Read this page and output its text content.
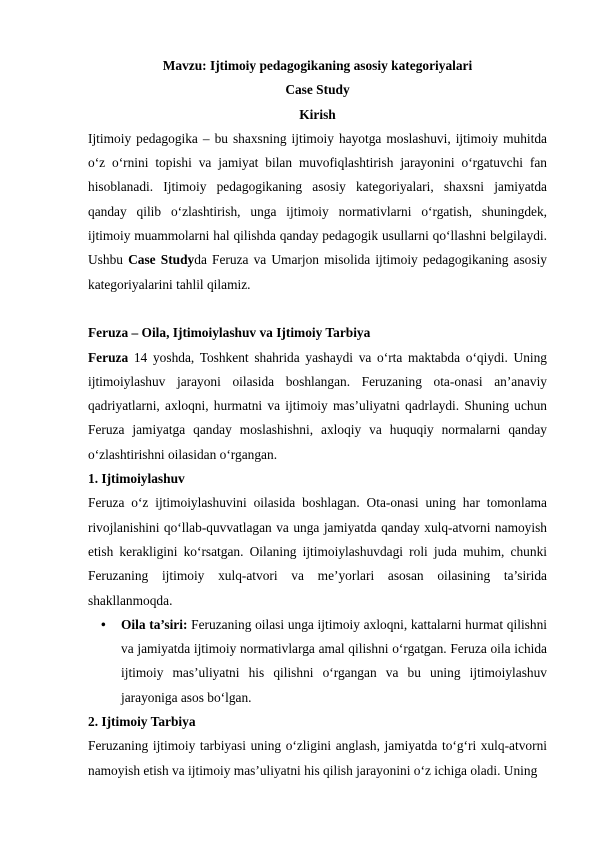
Mavzu: Ijtimoiy pedagogikaning asosiy kategoriyalari

Case Study

Kirish

Ijtimoiy pedagogika – bu shaxsning ijtimoiy hayotga moslashuvi, ijtimoiy muhitda o‘z o‘rnini topishi va jamiyat bilan muvofiqlashtirish jarayonini o‘rgatuvchi fan hisoblanadi. Ijtimoiy pedagogikaning asosiy kategoriyalari, shaxsni jamiyatda qanday qilib o‘zlashtirish, unga ijtimoiy normativlarni o‘rgatish, shuningdek, ijtimoiy muammolarni hal qilishda qanday pedagogik usullarni qo‘llashni belgilaydi. Ushbu Case Studyda Feruza va Umarjon misolida ijtimoiy pedagogikaning asosiy kategoriyalarini tahlil qilamiz.

Feruza – Oila, Ijtimoiylashuv va Ijtimoiy Tarbiya

Feruza 14 yoshda, Toshkent shahrida yashaydi va o‘rta maktabda o‘qiydi. Uning ijtimoiylashuv jarayoni oilasida boshlangan. Feruzaning ota-onasi an’anaviy qadriyatlarni, axloqni, hurmatni va ijtimoiy mas’uliyatni qadrlaydi. Shuning uchun Feruza jamiyatga qanday moslashishni, axloqiy va huquqiy normalarni qanday o‘zlashtirishni oilasidan o‘rgangan.

1. Ijtimoiylashuv

Feruza o‘z ijtimoiylashuvini oilasida boshlagan. Ota-onasi uning har tomonlama rivojlanishini qo‘llab-quvvatlagan va unga jamiyatda qanday xulq-atvorni namoyish etish kerakligini ko‘rsatgan. Oilaning ijtimoiylashuvdagi roli juda muhim, chunki Feruzaning ijtimoiy xulq-atvori va me’yorlari asosan oilasining ta’sirida shakllanmoqda.

• Oila ta’siri: Feruzaning oilasi unga ijtimoiy axloqni, kattalarni hurmat qilishni va jamiyatda ijtimoiy normativlarga amal qilishni o‘rgatgan. Feruza oila ichida ijtimoiy mas’uliyatni his qilishni o‘rgangan va bu uning ijtimoiylashuv jarayoniga asos bo‘lgan.

2. Ijtimoiy Tarbiya

Feruzaning ijtimoiy tarbiyasi uning o‘zligini anglash, jamiyatda to‘g‘ri xulq-atvorni namoyish etish va ijtimoiy mas’uliyatni his qilish jarayonini o‘z ichiga oladi. Uning
